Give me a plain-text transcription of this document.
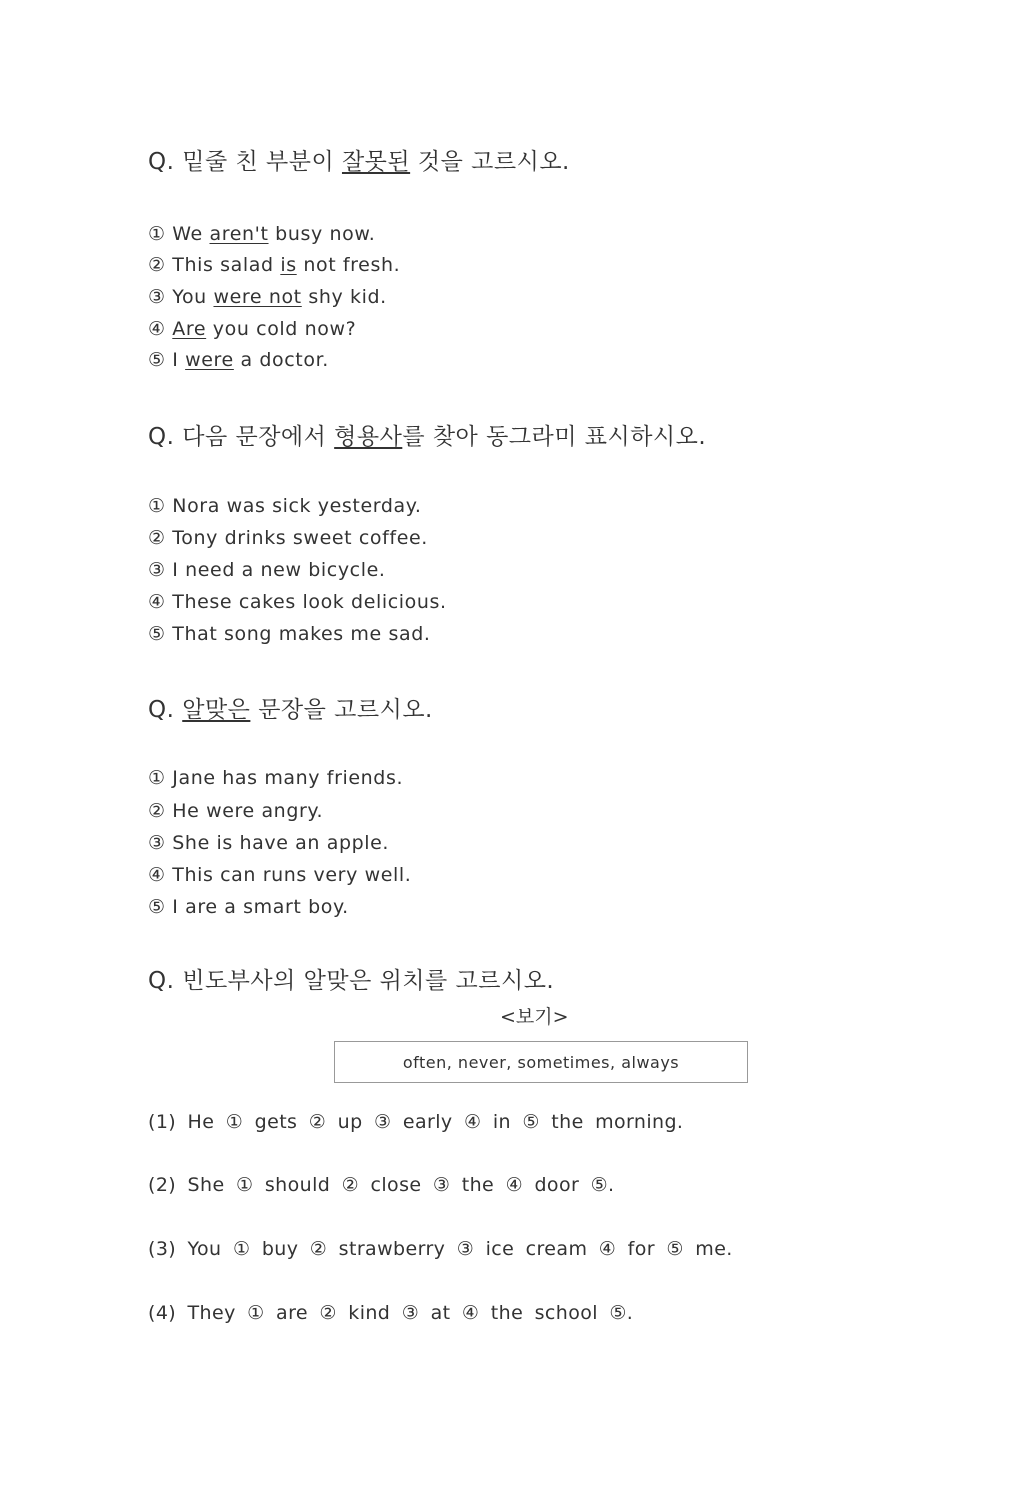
Q. 밑줄 친 부분이 잘못된 것을 고르시오.
① We aren't busy now.
② This salad is not fresh.
③ You were not shy kid.
④ Are you cold now?
⑤ I were a doctor.
Q. 다음 문장에서 형용사를 찾아 동그라미 표시하시오.
① Nora was sick yesterday.
② Tony drinks sweet coffee.
③ I need a new bicycle.
④ These cakes look delicious.
⑤ That song makes me sad.
Q. 알맞은 문장을 고르시오.
① Jane has many friends.
② He were angry.
③ She is have an apple.
④ This can runs very well.
⑤ I are a smart boy.
Q. 빈도부사의 알맞은 위치를 고르시오.
<보기>
often, never, sometimes, always
(1) He ① gets ② up ③ early ④ in ⑤ the morning.
(2) She ① should ② close ③ the ④ door ⑤.
(3) You ① buy ② strawberry ③ ice cream ④ for ⑤ me.
(4) They ① are ② kind ③ at ④ the school ⑤.
